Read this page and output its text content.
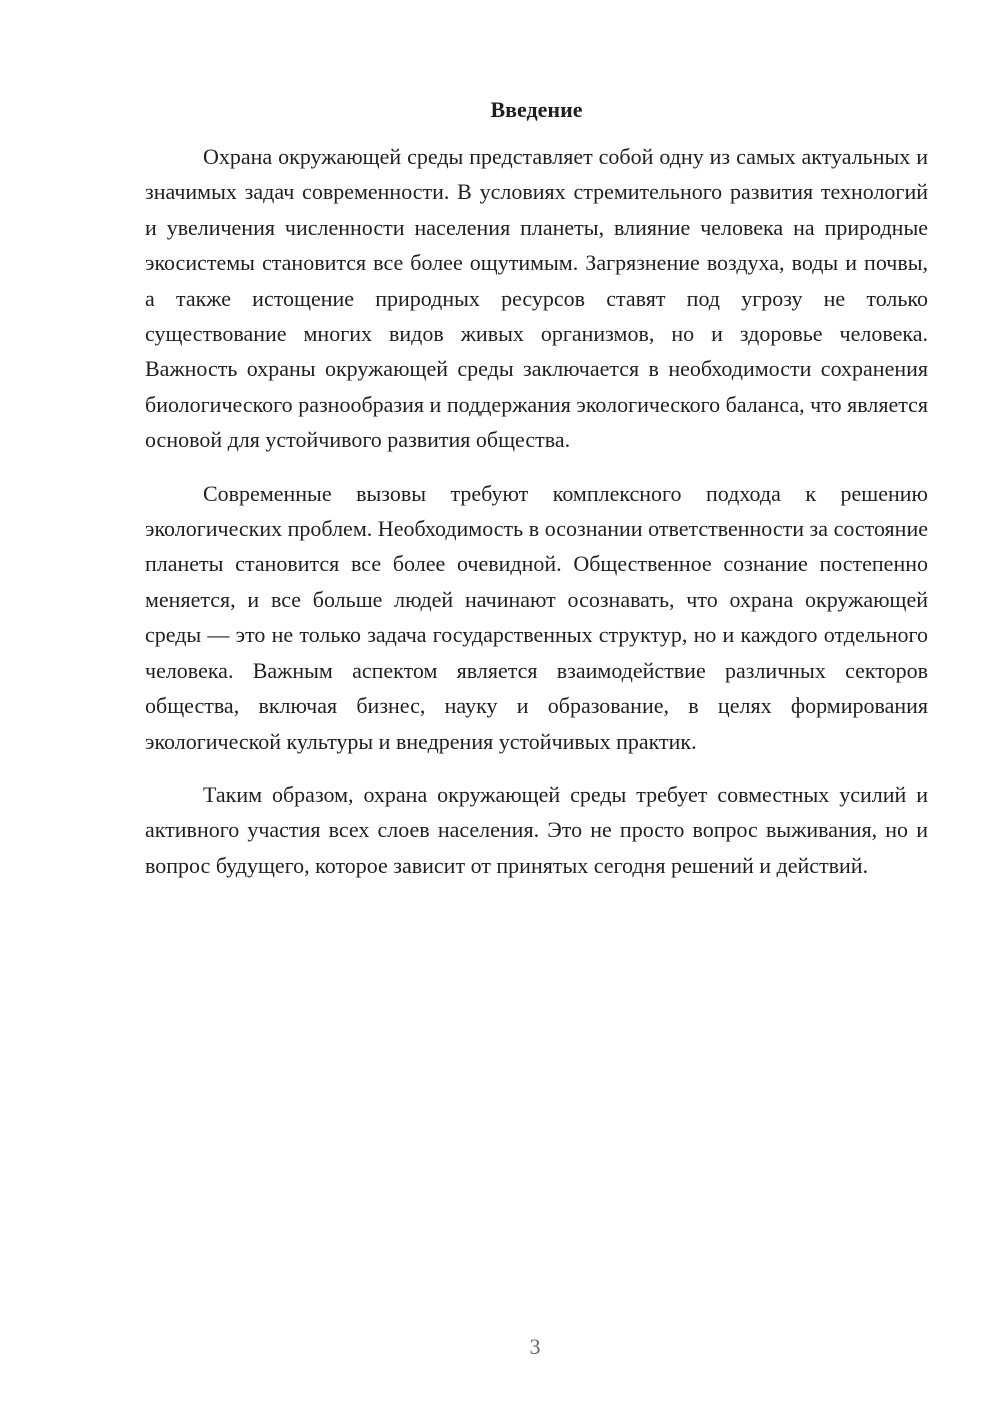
Введение

Охрана окружающей среды представляет собой одну из самых актуальных и значимых задач современности. В условиях стремительного развития технологий и увеличения численности населения планеты, влияние человека на природные экосистемы становится все более ощутимым. Загрязнение воздуха, воды и почвы, а также истощение природных ресурсов ставят под угрозу не только существование многих видов живых организмов, но и здоровье человека. Важность охраны окружающей среды заключается в необходимости сохранения биологического разнообразия и поддержания экологического баланса, что является основой для устойчивого развития общества.

Современные вызовы требуют комплексного подхода к решению экологических проблем. Необходимость в осознании ответственности за состояние планеты становится все более очевидной. Общественное сознание постепенно меняется, и все больше людей начинают осознавать, что охрана окружающей среды — это не только задача государственных структур, но и каждого отдельного человека. Важным аспектом является взаимодействие различных секторов общества, включая бизнес, науку и образование, в целях формирования экологической культуры и внедрения устойчивых практик.

Таким образом, охрана окружающей среды требует совместных усилий и активного участия всех слоев населения. Это не просто вопрос выживания, но и вопрос будущего, которое зависит от принятых сегодня решений и действий.

3
